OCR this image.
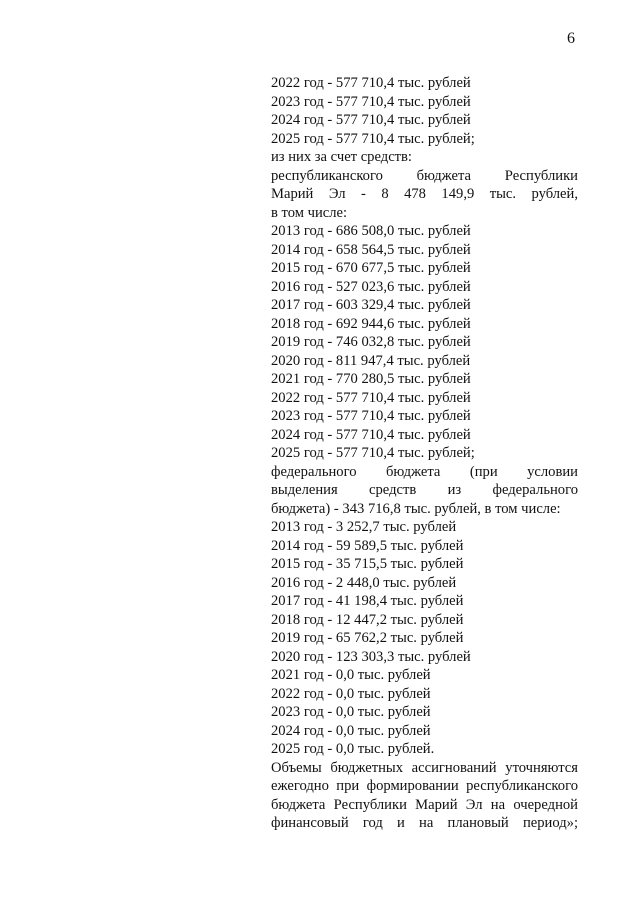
6
2022 год - 577 710,4 тыс. рублей
2023 год - 577 710,4 тыс. рублей
2024 год - 577 710,4 тыс. рублей
2025 год - 577 710,4 тыс. рублей;
из них за счет средств:
республиканского бюджета Республики
Марий Эл - 8 478 149,9 тыс. рублей,
в том числе:
2013 год - 686 508,0 тыс. рублей
2014 год - 658 564,5 тыс. рублей
2015 год - 670 677,5 тыс. рублей
2016 год - 527 023,6 тыс. рублей
2017 год - 603 329,4 тыс. рублей
2018 год - 692 944,6 тыс. рублей
2019 год - 746 032,8 тыс. рублей
2020 год - 811 947,4 тыс. рублей
2021 год - 770 280,5 тыс. рублей
2022 год - 577 710,4 тыс. рублей
2023 год - 577 710,4 тыс. рублей
2024 год - 577 710,4 тыс. рублей
2025 год - 577 710,4 тыс. рублей;
федерального бюджета (при условии
выделения средств из федерального
бюджета) - 343 716,8 тыс. рублей, в том числе:
2013 год - 3 252,7 тыс. рублей
2014 год - 59 589,5 тыс. рублей
2015 год - 35 715,5 тыс. рублей
2016 год - 2 448,0 тыс. рублей
2017 год - 41 198,4 тыс. рублей
2018 год - 12 447,2 тыс. рублей
2019 год - 65 762,2 тыс. рублей
2020 год - 123 303,3 тыс. рублей
2021 год - 0,0 тыс. рублей
2022 год - 0,0 тыс. рублей
2023 год - 0,0 тыс. рублей
2024 год - 0,0 тыс. рублей
2025 год - 0,0 тыс. рублей.
Объемы бюджетных ассигнований уточняются
ежегодно при формировании республиканского
бюджета Республики Марий Эл на очередной
финансовый год и на плановый период»;
